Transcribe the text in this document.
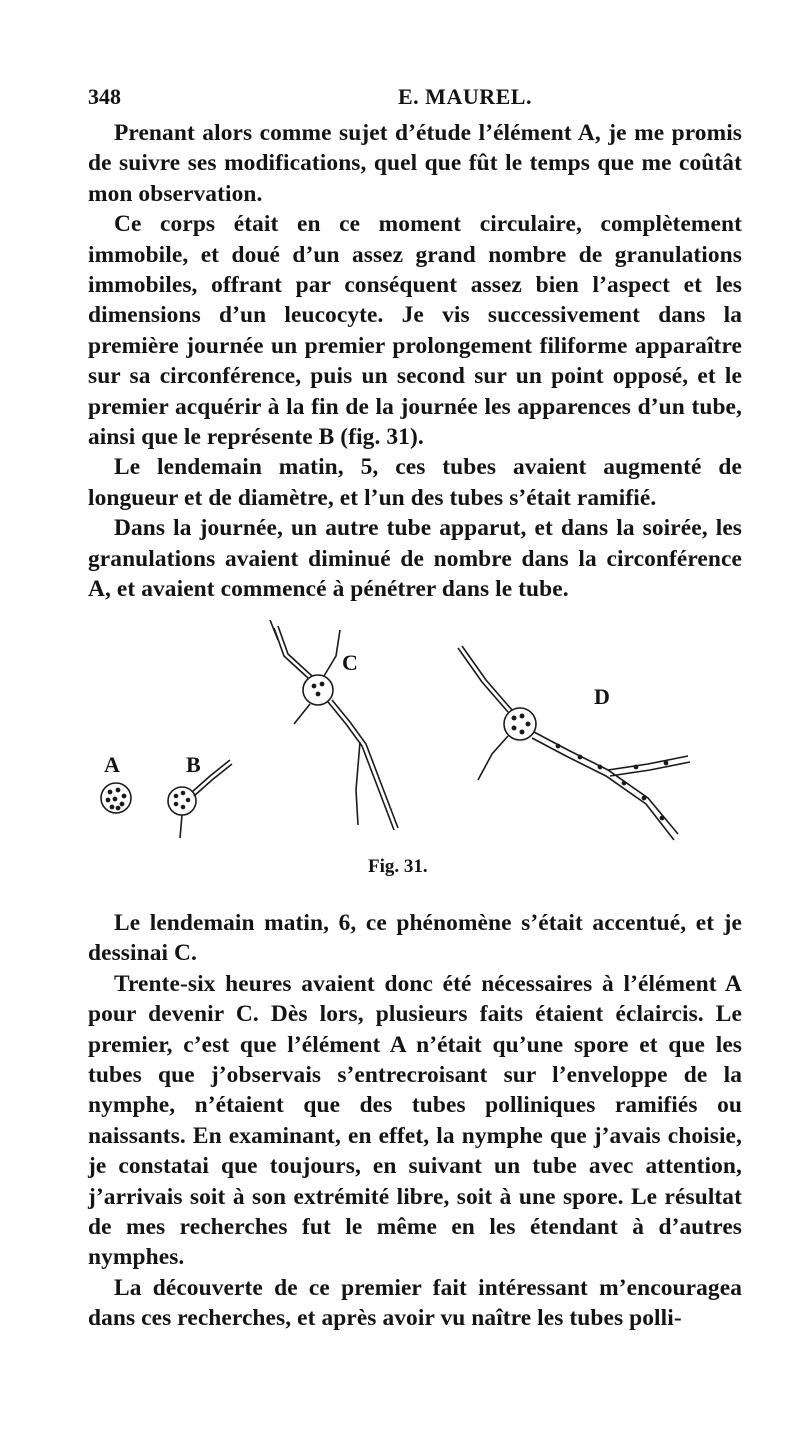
348	E. MAUREL.

Prenant alors comme sujet d’étude l’élément A, je me promis de suivre ses modifications, quel que fût le temps que me coûtât mon observation.

Ce corps était en ce moment circulaire, complètement immobile, et doué d’un assez grand nombre de granulations immobiles, offrant par conséquent assez bien l’aspect et les dimensions d’un leucocyte. Je vis successivement dans la première journée un premier prolongement filiforme apparaître sur sa circonférence, puis un second sur un point opposé, et le premier acquérir à la fin de la journée les apparences d’un tube, ainsi que le représente B (fig. 31).

Le lendemain matin, 5, ces tubes avaient augmenté de longueur et de diamètre, et l’un des tubes s’était ramifié.

Dans la journée, un autre tube apparut, et dans la soirée, les granulations avaient diminué de nombre dans la circonférence A, et avaient commencé à pénétrer dans le tube.

A	B
C
D
Fig. 31.

Le lendemain matin, 6, ce phénomène s’était accentué, et je dessinai C.

Trente-six heures avaient donc été nécessaires à l’élément A pour devenir C. Dès lors, plusieurs faits étaient éclaircis. Le premier, c’est que l’élément A n’était qu’une spore et que les tubes que j’observais s’entrecroisant sur l’enveloppe de la nymphe, n’étaient que des tubes polliniques ramifiés ou naissants. En examinant, en effet, la nymphe que j’avais choisie, je constatai que toujours, en suivant un tube avec attention, j’arrivais soit à son extrémité libre, soit à une spore. Le résultat de mes recherches fut le même en les étendant à d’autres nymphes.

La découverte de ce premier fait intéressant m’encouragea dans ces recherches, et après avoir vu naître les tubes polli-
